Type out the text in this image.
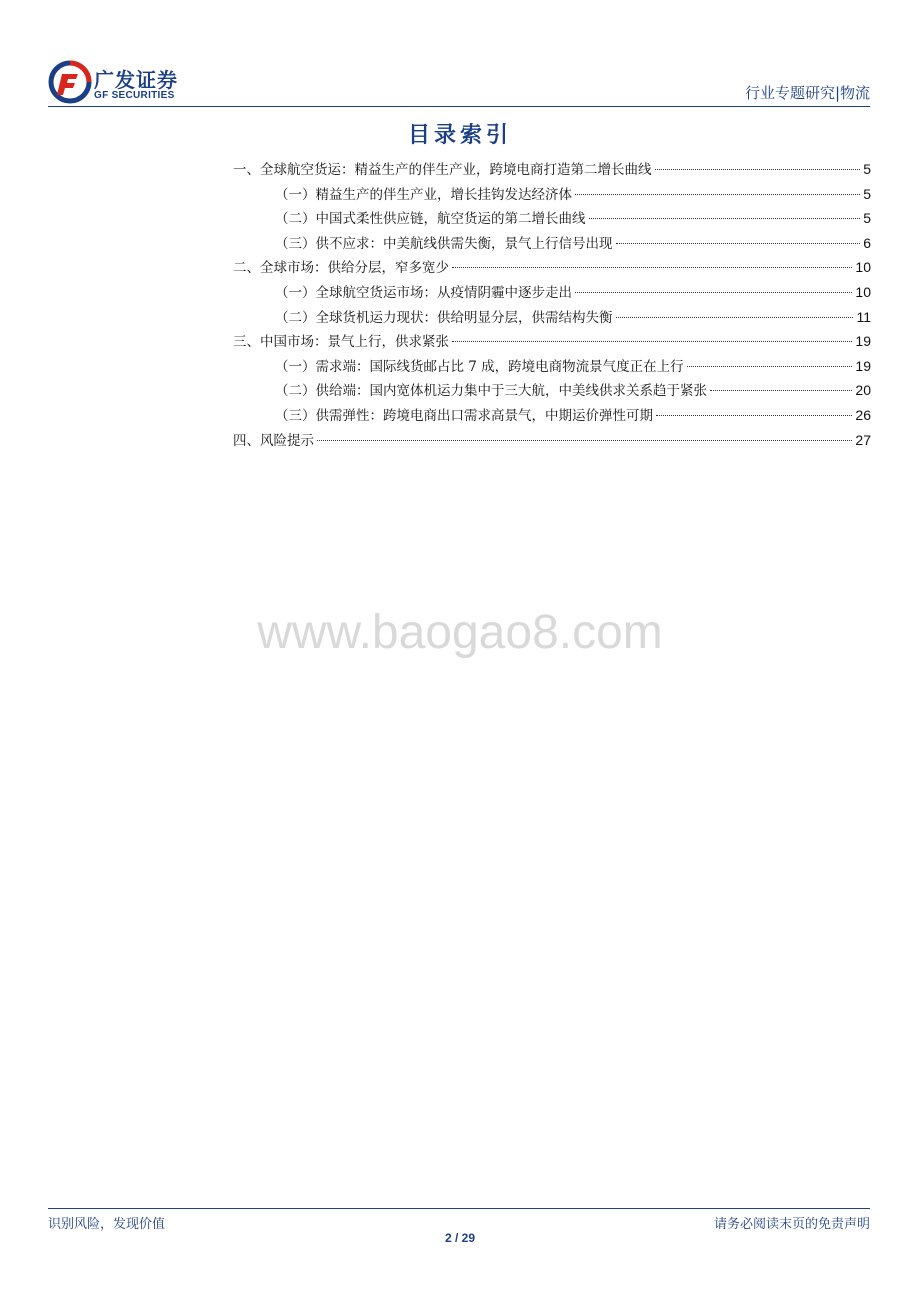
广发证券
GF SECURITIES	行业专题研究|物流
目录索引
一、全球航空货运：精益生产的伴生产业，跨境电商打造第二增长曲线	5
（一）精益生产的伴生产业，增长挂钩发达经济体	5
（二）中国式柔性供应链，航空货运的第二增长曲线	5
（三）供不应求：中美航线供需失衡，景气上行信号出现	6
二、全球市场：供给分层，窄多宽少	10
（一）全球航空货运市场：从疫情阴霾中逐步走出	10
（二）全球货机运力现状：供给明显分层，供需结构失衡	11
三、中国市场：景气上行，供求紧张	19
（一）需求端：国际线货邮占比 7 成，跨境电商物流景气度正在上行	19
（二）供给端：国内宽体机运力集中于三大航，中美线供求关系趋于紧张	20
（三）供需弹性：跨境电商出口需求高景气，中期运价弹性可期	26
四、风险提示	27
www.baogao8.com
识别风险，发现价值	请务必阅读末页的免责声明
2 / 29
